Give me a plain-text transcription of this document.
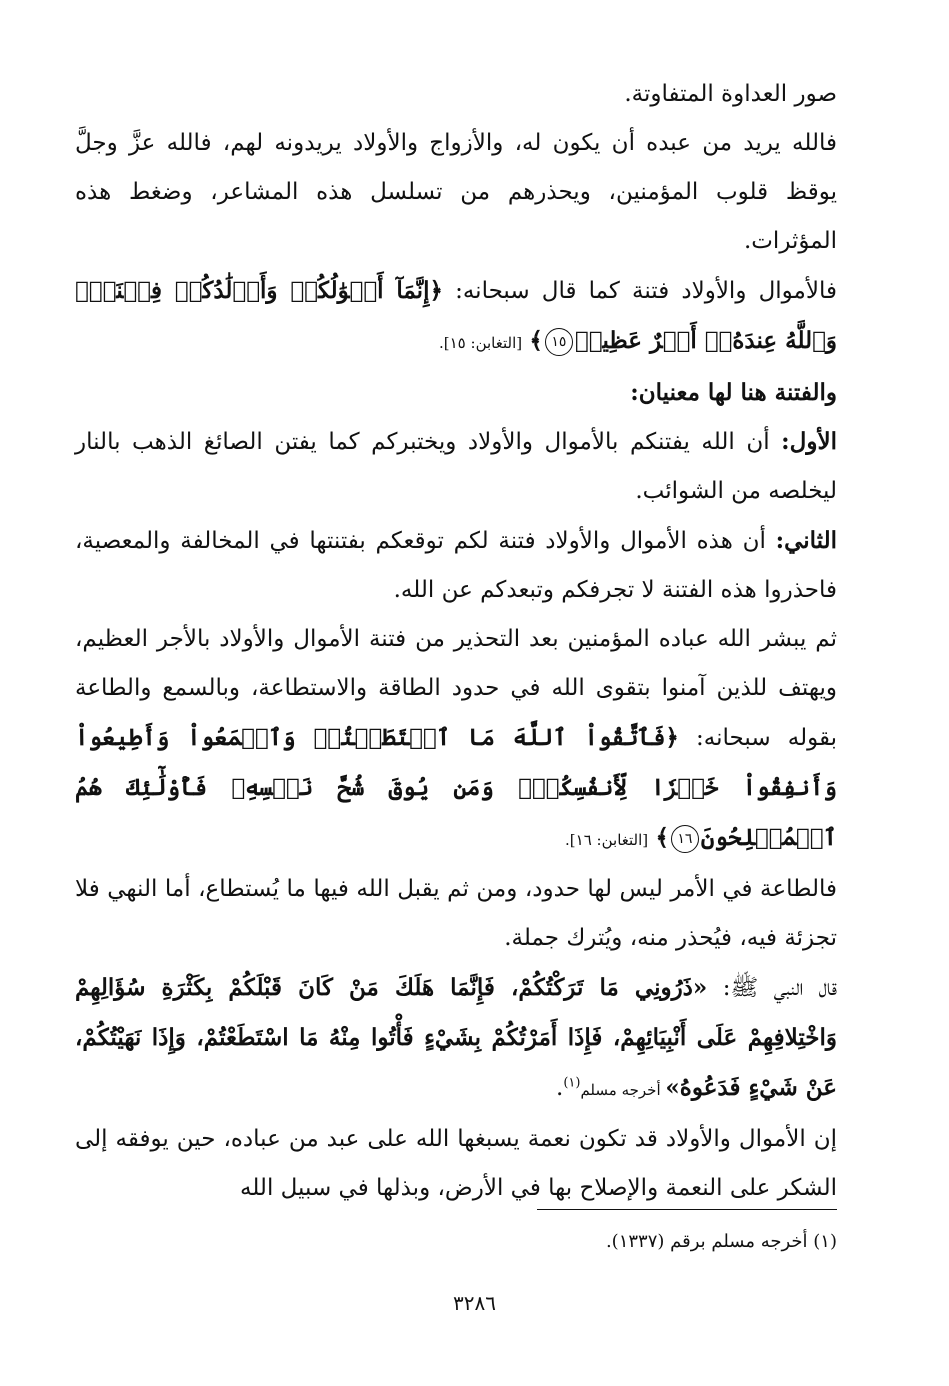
صور العداوة المتفاوتة.

فالله يريد من عبده أن يكون له، والأزواج والأولاد يريدونه لهم، فالله عزَّ وجلَّ يوقظ قلوب المؤمنين، ويحذرهم من تسلسل هذه المشاعر، وضغط هذه المؤثرات.

فالأموال والأولاد فتنة كما قال سبحانه: ﴿إِنَّمَآ أَمۡوَٰلُكُمۡ وَأَوۡلَٰدُكُمۡ فِتۡنَةٞۚ وَٱللَّهُ عِندَهُۥٓ أَجۡرٌ عَظِيمٞ١٥﴾ [التغابن: ١٥].

والفتنة هنا لها معنيان:

الأول: أن الله يفتنكم بالأموال والأولاد ويختبركم كما يفتن الصائغ الذهب بالنار ليخلصه من الشوائب.

الثاني: أن هذه الأموال والأولاد فتنة لكم توقعكم بفتنتها في المخالفة والمعصية، فاحذروا هذه الفتنة لا تجرفكم وتبعدكم عن الله.

ثم يبشر الله عباده المؤمنين بعد التحذير من فتنة الأموال والأولاد بالأجر العظيم، ويهتف للذين آمنوا بتقوى الله في حدود الطاقة والاستطاعة، وبالسمع والطاعة بقوله سبحانه: ﴿فَٱتَّقُواْ ٱللَّهَ مَا ٱسۡتَطَعۡتُمۡ وَٱسۡمَعُواْ وَأَطِيعُواْ وَأَنفِقُواْ خَيۡرٗا لِّأَنفُسِكُمۡۗ وَمَن يُوقَ شُحَّ نَفۡسِهِۦ فَأُوْلَٰٓئِكَ هُمُ ٱلۡمُفۡلِحُونَ١٦﴾ [التغابن: ١٦].

فالطاعة في الأمر ليس لها حدود، ومن ثم يقبل الله فيها ما يُستطاع، أما النهي فلا تجزئة فيه، فيُحذر منه، ويُترك جملة.

قال النبي ﷺ: «ذَرُونِي مَا تَرَكْتُكُمْ، فَإِنَّمَا هَلَكَ مَنْ كَانَ قَبْلَكُمْ بِكَثْرَةِ سُؤَالِهِمْ وَاخْتِلافِهِمْ عَلَى أَنْبِيَائِهِمْ، فَإِذَا أَمَرْتُكُمْ بِشَيْءٍ فَأْتُوا مِنْهُ مَا اسْتَطَعْتُمْ، وَإِذَا نَهَيْتُكُمْ، عَنْ شَيْءٍ فَدَعُوهُ» أخرجه مسلم$^{(١)}$.

إن الأموال والأولاد قد تكون نعمة يسبغها الله على عبد من عباده، حين يوفقه إلى الشكر على النعمة والإصلاح بها في الأرض، وبذلها في سبيل الله

(١) أخرجه مسلم برقم (١٣٣٧).
٣٢٨٦
